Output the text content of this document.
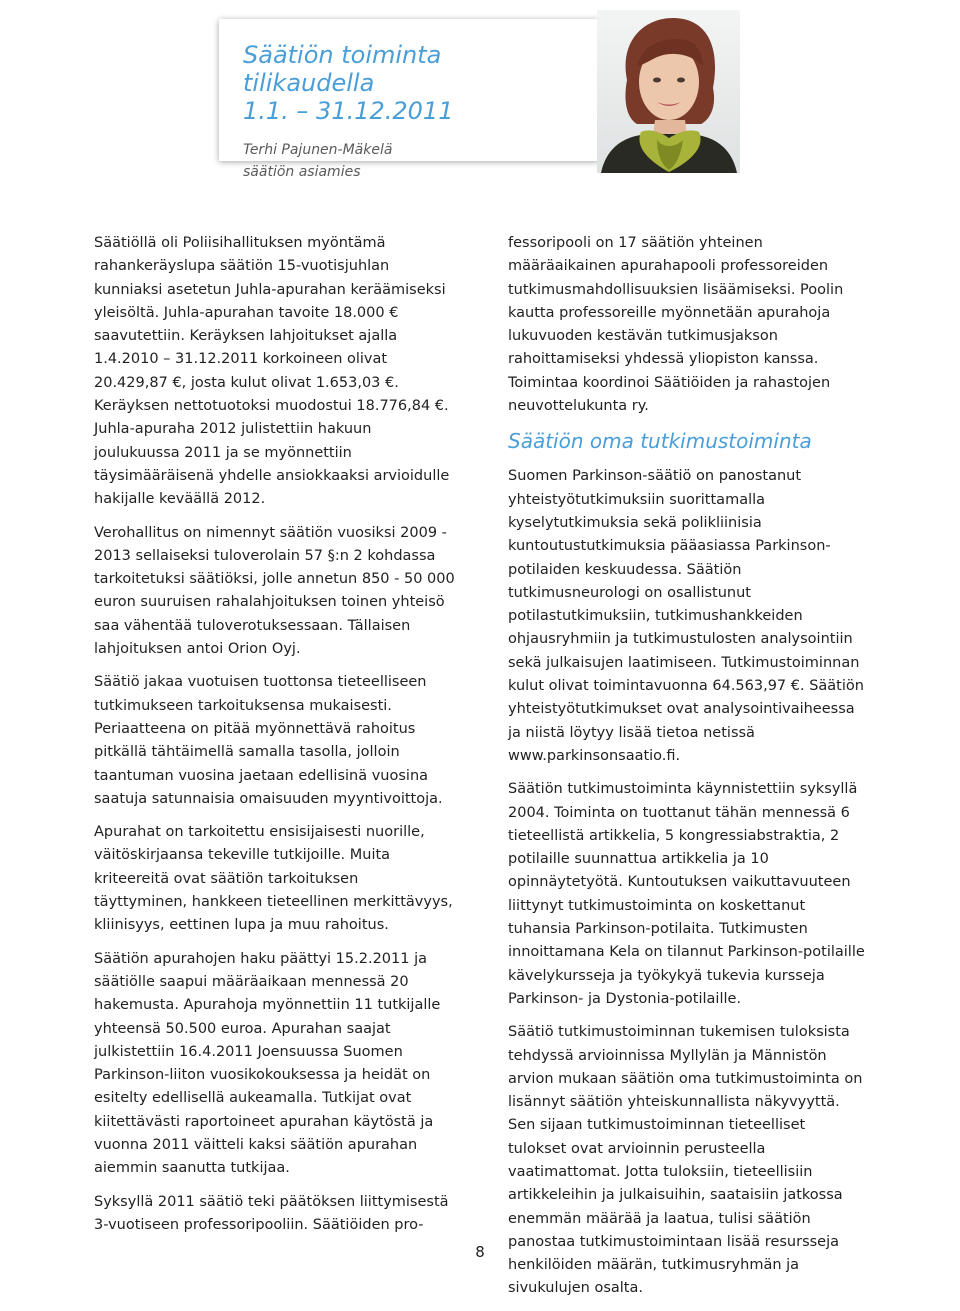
Säätiön toiminta tilikaudella
1.1. – 31.12.2011
Terhi Pajunen-Mäkelä
säätiön asiamies

Säätiöllä oli Poliisihallituksen myöntämä rahankeräyslupa säätiön 15-vuotisjuhlan kunniaksi asetetun Juhla-apurahan keräämiseksi yleisöltä. Juhla-apurahan tavoite 18.000 € saavutettiin. Keräyksen lahjoitukset ajalla 1.4.2010 – 31.12.2011 korkoineen olivat 20.429,87 €, josta kulut olivat 1.653,03 €. Keräyksen nettotuotoksi muodostui 18.776,84 €. Juhla-apuraha 2012 julistettiin hakuun joulukuussa 2011 ja se myönnettiin täysimääräisenä yhdelle ansiokkaaksi arvioidulle hakijalle keväällä 2012.

Verohallitus on nimennyt säätiön vuosiksi 2009 - 2013 sellaiseksi tuloverolain 57 §:n 2 kohdassa tarkoitetuksi säätiöksi, jolle annetun 850 - 50 000 euron suuruisen rahalahjoituksen toinen yhteisö saa vähentää tuloverotuksessaan. Tällaisen lahjoituksen antoi Orion Oyj.

Säätiö jakaa vuotuisen tuottonsa tieteelliseen tutkimukseen tarkoituksensa mukaisesti. Periaatteena on pitää myönnettävä rahoitus pitkällä tähtäimellä samalla tasolla, jolloin taantuman vuosina jaetaan edellisinä vuosina saatuja satunnaisia omaisuuden myyntivoittoja.

Apurahat on tarkoitettu ensisijaisesti nuorille, väitöskirjaansa tekeville tutkijoille. Muita kriteereitä ovat säätiön tarkoituksen täyttyminen, hankkeen tieteellinen merkittävyys, kliinisyys, eettinen lupa ja muu rahoitus.

Säätiön apurahojen haku päättyi 15.2.2011 ja säätiölle saapui määräaikaan mennessä 20 hakemusta. Apurahoja myönnettiin 11 tutkijalle yhteensä 50.500 euroa. Apurahan saajat julkistettiin 16.4.2011 Joensuussa Suomen Parkinson-liiton vuosikokouksessa ja heidät on esitelty edellisellä aukeamalla. Tutkijat ovat kiitettävästi raportoineet apurahan käytöstä ja vuonna 2011 väitteli kaksi säätiön apurahan aiemmin saanutta tutkijaa.

Syksyllä 2011 säätiö teki päätöksen liittymisestä 3-vuotiseen professoripooliin. Säätiöiden pro-

fessoripooli on 17 säätiön yhteinen määräaikainen apurahapooli professoreiden tutkimusmahdollisuuksien lisäämiseksi. Poolin kautta professoreille myönnetään apurahoja lukuvuoden kestävän tutkimusjakson rahoittamiseksi yhdessä yliopiston kanssa. Toimintaa koordinoi Säätiöiden ja rahastojen neuvottelukunta ry.

Säätiön oma tutkimustoiminta

Suomen Parkinson-säätiö on panostanut yhteistyötutkimuksiin suorittamalla kyselytutkimuksia sekä polikliinisia kuntoutustutkimuksia pääasiassa Parkinson-potilaiden keskuudessa. Säätiön tutkimusneurologi on osallistunut potilastutkimuksiin, tutkimushankkeiden ohjausryhmiin ja tutkimustulosten analysointiin sekä julkaisujen laatimiseen. Tutkimustoiminnan kulut olivat toimintavuonna 64.563,97 €. Säätiön yhteistyötutkimukset ovat analysointivaiheessa ja niistä löytyy lisää tietoa netissä www.parkinsonsaatio.fi.

Säätiön tutkimustoiminta käynnistettiin syksyllä 2004. Toiminta on tuottanut tähän mennessä 6 tieteellistä artikkelia, 5 kongressiabstraktia, 2 potilaille suunnattua artikkelia ja 10 opinnäytetyötä. Kuntoutuksen vaikuttavuuteen liittynyt tutkimustoiminta on koskettanut tuhansia Parkinson-potilaita. Tutkimusten innoittamana Kela on tilannut Parkinson-potilaille kävelykursseja ja työkykyä tukevia kursseja Parkinson- ja Dystonia-potilaille.

Säätiö tutkimustoiminnan tukemisen tuloksista tehdyssä arvioinnissa Myllylän ja Männistön arvion mukaan säätiön oma tutkimustoiminta on lisännyt säätiön yhteiskunnallista näkyvyyttä. Sen sijaan tutkimustoiminnan tieteelliset tulokset ovat arvioinnin perusteella vaatimattomat. Jotta tuloksiin, tieteellisiin artikkeleihin ja julkaisuihin, saataisiin jatkossa enemmän määrää ja laatua, tulisi säätiön panostaa tutkimustoimintaan lisää resursseja henkilöiden määrän, tutkimusryhmän ja sivukulujen osalta.

8
